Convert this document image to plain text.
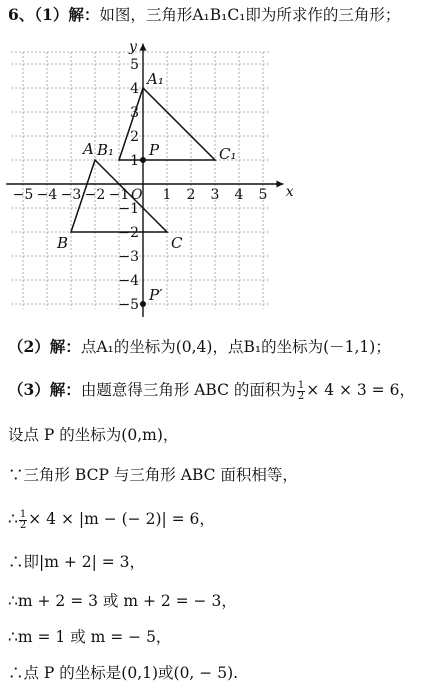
6、（1）解：如图，三角形A₁B₁C₁即为所求作的三角形；
x
y
O
−5 −4 −3 −2 −1 1 2 3 4 5
5
4
3
2
1
−1
−2
−3
−4
−5
A
B	C
A₁
B₁	C₁
P
P′
（2）解：点A₁的坐标为(0,4)，点B₁的坐标为(－1,1)；
（3）解：由题意得三角形 ABC 的面积为 $\frac{1}{2} \times 4 \times 3 = 6$，
设点 P 的坐标为(0,m)，
∵三角形 BCP 与三角形 ABC 面积相等，
∴ $\frac{1}{2} \times 4 \times |m$ − (− 2)| = 6，
∴即|m + 2| = 3，
∴m + 2 = 3 或 m + 2 = − 3，
∴m = 1 或 m = − 5，
∴点 P 的坐标是(0,1)或(0, − 5).
